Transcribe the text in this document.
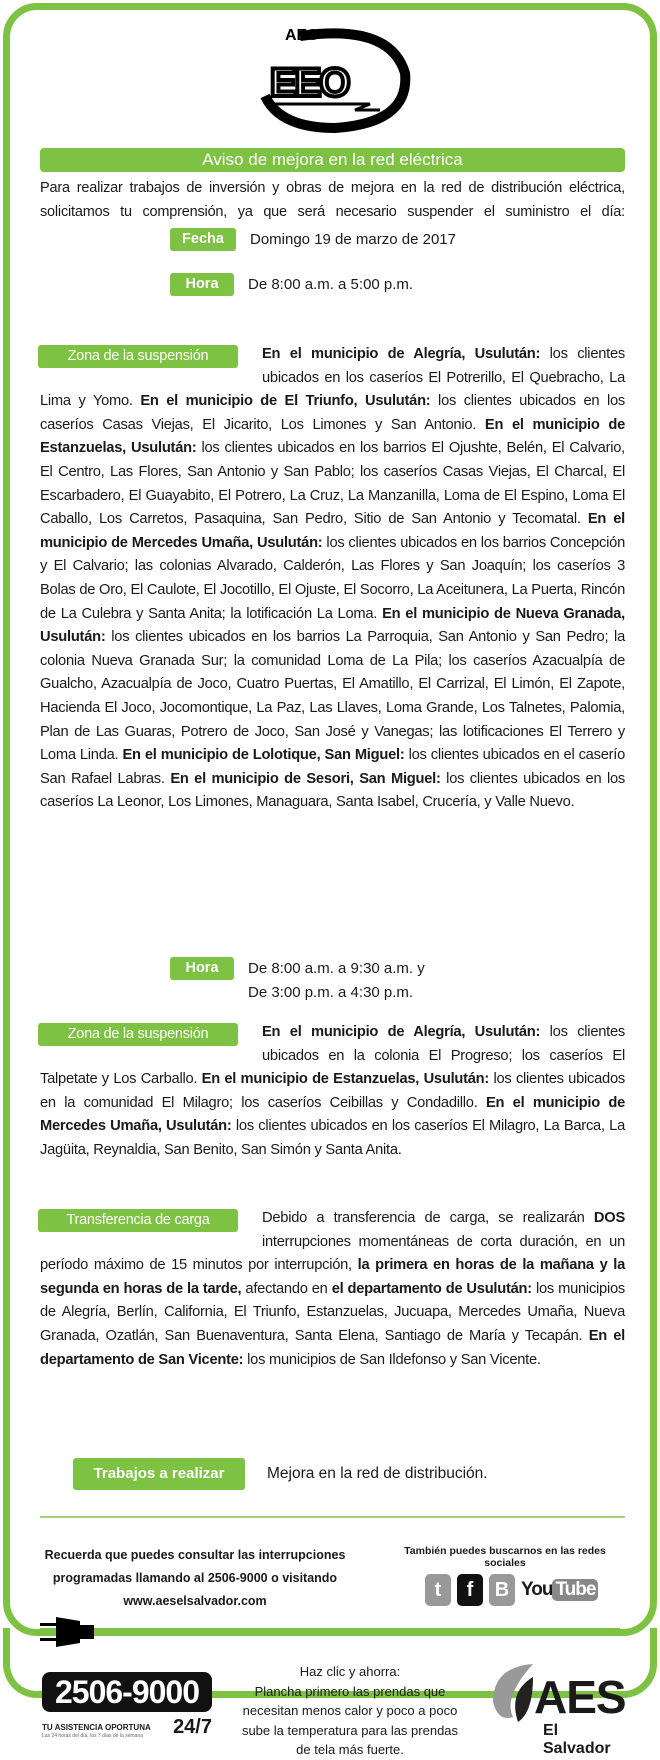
AES
EEO
Aviso de mejora en la red eléctrica
Para realizar trabajos de inversión y obras de mejora en la red de distribución eléctrica,
solicitamos tu comprensión, ya que será necesario suspender el suministro el día:
Fecha	Domingo 19 de marzo de 2017
Hora	De 8:00 a.m. a 5:00 p.m.
Zona de la suspensión	En el municipio de Alegría, Usulután: los clientes ubicados en los caseríos El Potrerillo, El Quebracho, La Lima y Yomo. En el municipio de El Triunfo, Usulután: los clientes ubicados en los caseríos Casas Viejas, El Jicarito, Los Limones y San Antonio. En el municipio de Estanzuelas, Usulután: los clientes ubicados en los barrios El Ojushte, Belén, El Calvario, El Centro, Las Flores, San Antonio y San Pablo; los caseríos Casas Viejas, El Charcal, El Escarbadero, El Guayabito, El Potrero, La Cruz, La Manzanilla, Loma de El Espino, Loma El Caballo, Los Carretos, Pasaquina, San Pedro, Sitio de San Antonio y Tecomatal. En el municipio de Mercedes Umaña, Usulután: los clientes ubicados en los barrios Concepción y El Calvario; las colonias Alvarado, Calderón, Las Flores y San Joaquín; los caseríos 3 Bolas de Oro, El Caulote, El Jocotillo, El Ojuste, El Socorro, La Aceitunera, La Puerta, Rincón de La Culebra y Santa Anita; la lotificación La Loma. En el municipio de Nueva Granada, Usulután: los clientes ubicados en los barrios La Parroquia, San Antonio y San Pedro; la colonia Nueva Granada Sur; la comunidad Loma de La Pila; los caseríos Azacualpía de Gualcho, Azacualpía de Joco, Cuatro Puertas, El Amatillo, El Carrizal, El Limón, El Zapote, Hacienda El Joco, Jocomontique, La Paz, Las Llaves, Loma Grande, Los Talnetes, Palomia, Plan de Las Guaras, Potrero de Joco, San José y Vanegas; las lotificaciones El Terrero y Loma Linda. En el municipio de Lolotique, San Miguel: los clientes ubicados en el caserío San Rafael Labras. En el municipio de Sesori, San Miguel: los clientes ubicados en los caseríos La Leonor, Los Limones, Managuara, Santa Isabel, Crucería, y Valle Nuevo.
Hora	De 8:00 a.m. a 9:30 a.m. y
De 3:00 p.m. a 4:30 p.m.
Zona de la suspensión	En el municipio de Alegría, Usulután: los clientes ubicados en la colonia El Progreso; los caseríos El Talpetate y Los Carballo. En el municipio de Estanzuelas, Usulután: los clientes ubicados en la comunidad El Milagro; los caseríos Ceibillas y Condadillo. En el municipio de Mercedes Umaña, Usulután: los clientes ubicados en los caseríos El Milagro, La Barca, La Jagüita, Reynaldia, San Benito, San Simón y Santa Anita.
Transferencia de carga	Debido a transferencia de carga, se realizarán DOS interrupciones momentáneas de corta duración, en un período máximo de 15 minutos por interrupción, la primera en horas de la mañana y la segunda en horas de la tarde, afectando en el departamento de Usulután: los municipios de Alegría, Berlín, California, El Triunfo, Estanzuelas, Jucuapa, Mercedes Umaña, Nueva Granada, Ozatlán, San Buenaventura, Santa Elena, Santiago de María y Tecapán. En el departamento de San Vicente: los municipios de San Ildefonso y San Vicente.
Trabajos a realizar	Mejora en la red de distribución.
Recuerda que puedes consultar las interrupciones
programadas llamando al 2506-9000 o visitando
www.aeselsalvador.com
También puedes buscarnos en las redes sociales
t	f	B You Tube
2506-9000
TU ASISTENCIA OPORTUNA 24/7
Las 24 horas del día, los 7 días de la semana
Haz clic y ahorra:
Plancha primero las prendas que
necesitan menos calor y poco a poco
sube la temperatura para las prendas
de tela más fuerte.
AES
El Salvador
